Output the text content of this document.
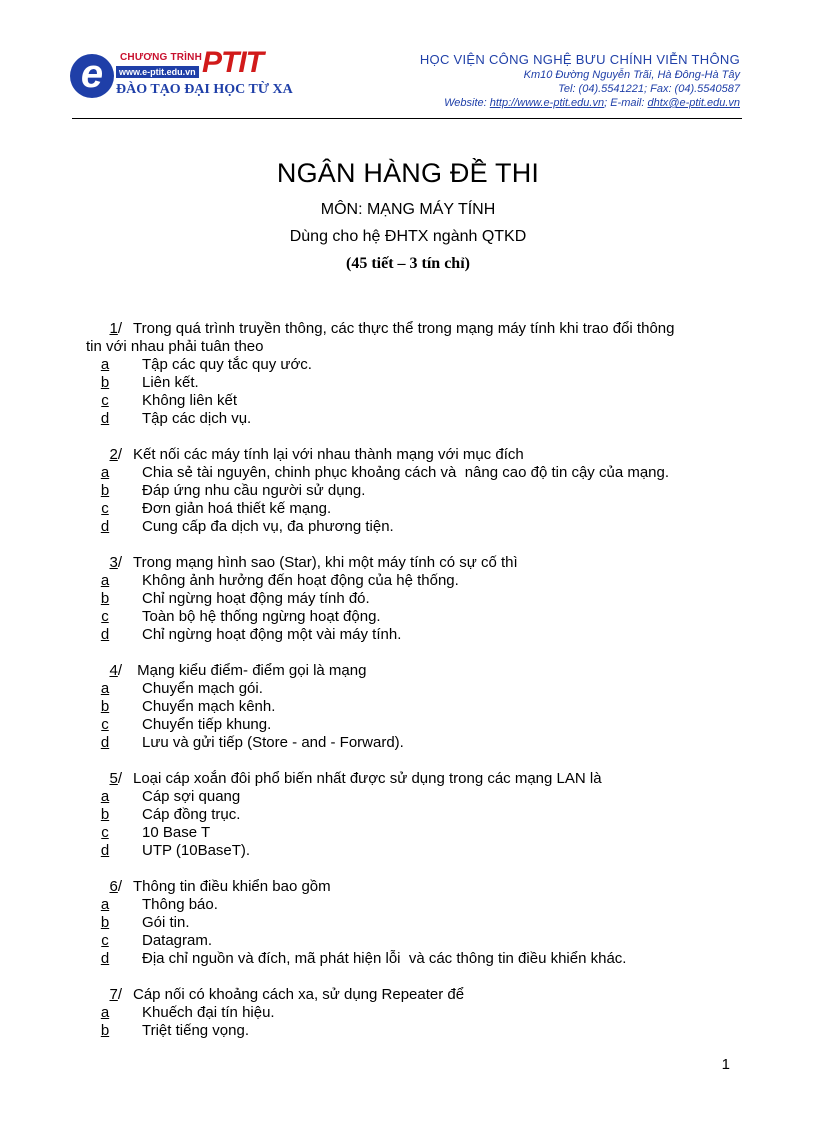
e	CHƯƠNG TRÌNH
www.e-ptit.edu.vn PTIT
ĐÀO TẠO ĐẠI HỌC TỪ XA
HỌC VIỆN CÔNG NGHỆ BƯU CHÍNH VIỄN THÔNG
Km10 Đường Nguyễn Trãi, Hà Đông-Hà Tây
Tel: (04).5541221; Fax: (04).5540587
Website: http://www.e-ptit.edu.vn; E-mail: dhtx@e-ptit.edu.vn
NGÂN HÀNG ĐỀ THI
MÔN: MẠNG MÁY TÍNH
Dùng cho hệ ĐHTX ngành QTKD
(45 tiết – 3 tín chỉ)
1/ Trong quá trình truyền thông, các thực thể trong mạng máy tính khi trao đổi thông
tin với nhau phải tuân theo
a	Tập các quy tắc quy ước.
b	Liên kết.
c	Không liên kết
d	Tập các dịch vụ.
2/ Kết nối các máy tính lại với nhau thành mạng với mục đích
a	Chia sẻ tài nguyên, chinh phục khoảng cách và  nâng cao độ tin cậy của mạng.
b	Đáp ứng nhu cầu người sử dụng.
c	Đơn giản hoá thiết kế mạng.
d	Cung cấp đa dịch vụ, đa phương tiện.
3/ Trong mạng hình sao (Star), khi một máy tính có sự cố thì
a	Không ảnh hưởng đến hoạt động của hệ thống.
b	Chỉ ngừng hoạt động máy tính đó.
c	Toàn bộ hệ thống ngừng hoạt động.
d	Chỉ ngừng hoạt động một vài máy tính.
4/ Mạng kiểu điểm- điểm gọi là mạng
a	Chuyển mạch gói.
b	Chuyển mạch kênh.
c	Chuyển tiếp khung.
d	Lưu và gửi tiếp (Store - and - Forward).
5/ Loại cáp xoắn đôi phổ biến nhất được sử dụng trong các mạng LAN là
a	Cáp sợi quang
b	Cáp đồng trục.
c	10 Base T
d	UTP (10BaseT).
6/ Thông tin điều khiển bao gồm
a	Thông báo.
b	Gói tin.
c	Datagram.
d	Địa chỉ nguồn và đích, mã phát hiện lỗi  và các thông tin điều khiển khác.
7/ Cáp nối có khoảng cách xa, sử dụng Repeater để
a	Khuếch đại tín hiệu.
b	Triệt tiếng vọng.
1
